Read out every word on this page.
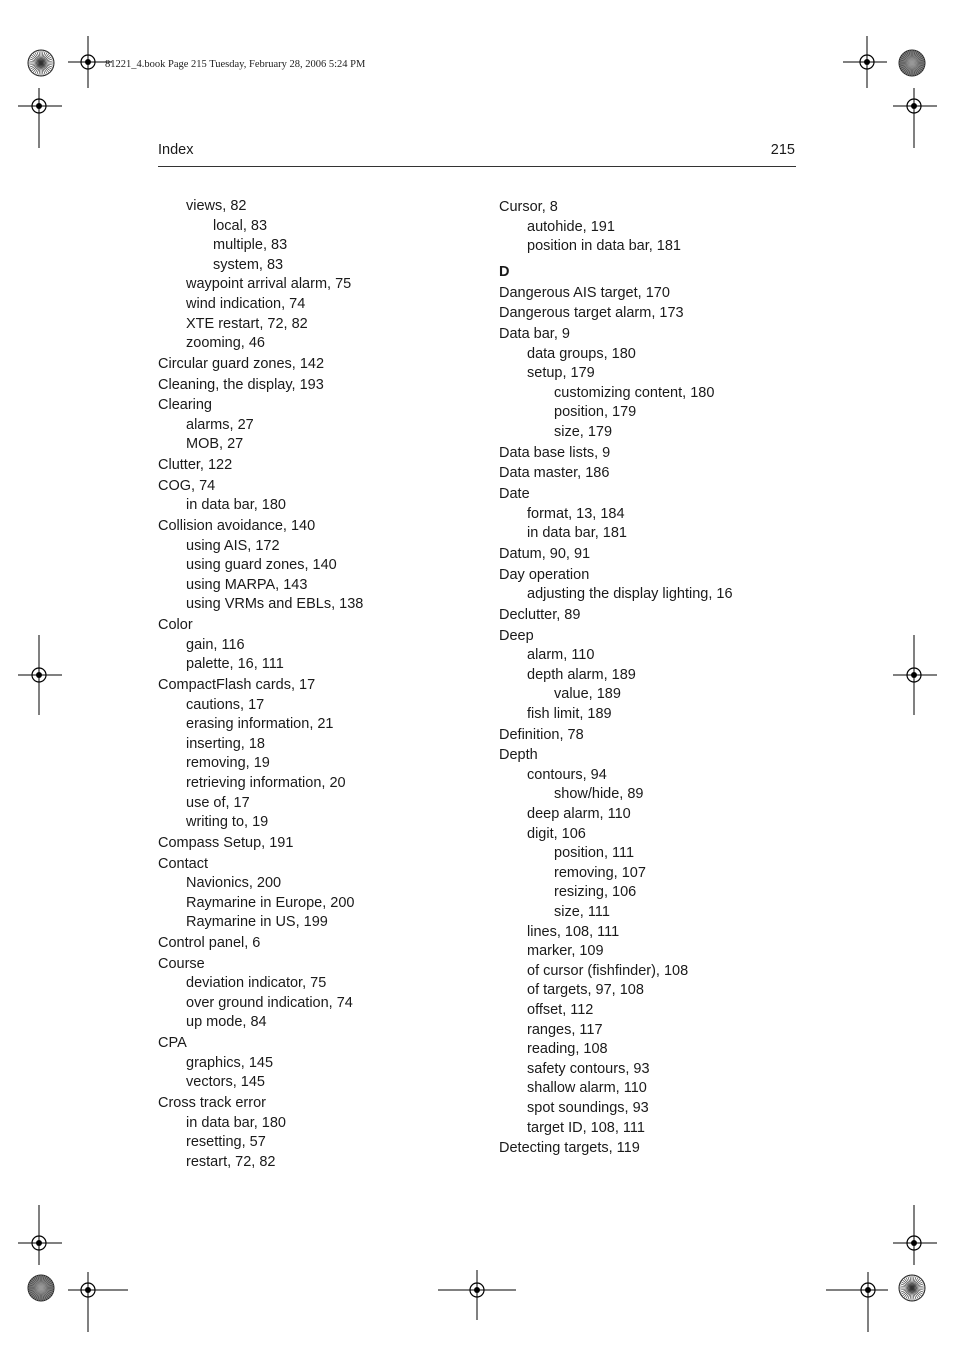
81221_4.book Page 215 Tuesday, February 28, 2006 5:24 PM
Index	215
views, 82
local, 83
multiple, 83
system, 83
waypoint arrival alarm, 75
wind indication, 74
XTE restart, 72, 82
zooming, 46
Circular guard zones, 142
Cleaning, the display, 193
Clearing
alarms, 27
MOB, 27
Clutter, 122
COG, 74
in data bar, 180
Collision avoidance, 140
using AIS, 172
using guard zones, 140
using MARPA, 143
using VRMs and EBLs, 138
Color
gain, 116
palette, 16, 111
CompactFlash cards, 17
cautions, 17
erasing information, 21
inserting, 18
removing, 19
retrieving information, 20
use of, 17
writing to, 19
Compass Setup, 191
Contact
Navionics, 200
Raymarine in Europe, 200
Raymarine in US, 199
Control panel, 6
Course
deviation indicator, 75
over ground indication, 74
up mode, 84
CPA
graphics, 145
vectors, 145
Cross track error
in data bar, 180
resetting, 57
restart, 72, 82
Cursor, 8
autohide, 191
position in data bar, 181
D
Dangerous AIS target, 170
Dangerous target alarm, 173
Data bar, 9
data groups, 180
setup, 179
customizing content, 180
position, 179
size, 179
Data base lists, 9
Data master, 186
Date
format, 13, 184
in data bar, 181
Datum, 90, 91
Day operation
adjusting the display lighting, 16
Declutter, 89
Deep
alarm, 110
depth alarm, 189
value, 189
fish limit, 189
Definition, 78
Depth
contours, 94
show/hide, 89
deep alarm, 110
digit, 106
position, 111
removing, 107
resizing, 106
size, 111
lines, 108, 111
marker, 109
of cursor (fishfinder), 108
of targets, 97, 108
offset, 112
ranges, 117
reading, 108
safety contours, 93
shallow alarm, 110
spot soundings, 93
target ID, 108, 111
Detecting targets, 119
